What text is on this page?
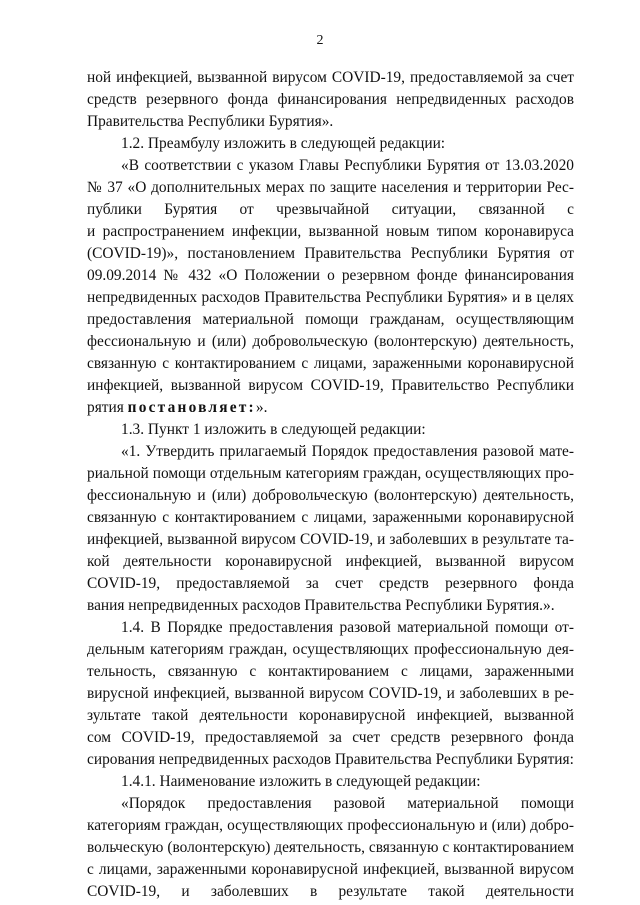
2
ной инфекцией, вызванной вирусом COVID-19, предоставляемой за счет
средств резервного фонда финансирования непредвиденных расходов
Правительства Республики Бурятия».
1.2. Преамбулу изложить в следующей редакции:
«В соответствии с указом Главы Республики Бурятия от 13.03.2020
№ 37 «О дополнительных мерах по защите населения и территории Рес-
публики Бурятия от чрезвычайной ситуации, связанной с
и распространением инфекции, вызванной новым типом коронавируса
(COVID-19)», постановлением Правительства Республики Бурятия от
09.09.2014 № 432 «О Положении о резервном фонде финансирования
непредвиденных расходов Правительства Республики Бурятия» и в целях
предоставления материальной помощи гражданам, осуществляющим
фессиональную и (или) добровольческую (волонтерскую) деятельность,
связанную с контактированием с лицами, зараженными коронавирусной
инфекцией, вызванной вирусом COVID-19, Правительство Республики
рятия постановляет:».
1.3. Пункт 1 изложить в следующей редакции:
«1. Утвердить прилагаемый Порядок предоставления разовой мате-
риальной помощи отдельным категориям граждан, осуществляющих про-
фессиональную и (или) добровольческую (волонтерскую) деятельность,
связанную с контактированием с лицами, зараженными коронавирусной
инфекцией, вызванной вирусом COVID-19, и заболевших в результате та-
кой деятельности коронавирусной инфекцией, вызванной вирусом
COVID-19, предоставляемой за счет средств резервного фонда
вания непредвиденных расходов Правительства Республики Бурятия.».
1.4. В Порядке предоставления разовой материальной помощи от-
дельным категориям граждан, осуществляющих профессиональную дея-
тельность, связанную с контактированием с лицами, зараженными
вирусной инфекцией, вызванной вирусом COVID-19, и заболевших в ре-
зультате такой деятельности коронавирусной инфекцией, вызванной
сом COVID-19, предоставляемой за счет средств резервного фонда
сирования непредвиденных расходов Правительства Республики Бурятия:
1.4.1. Наименование изложить в следующей редакции:
«Порядок предоставления разовой материальной помощи
категориям граждан, осуществляющих профессиональную и (или) добро-
вольческую (волонтерскую) деятельность, связанную с контактированием
с лицами, зараженными коронавирусной инфекцией, вызванной вирусом
COVID-19, и заболевших в результате такой деятельности
